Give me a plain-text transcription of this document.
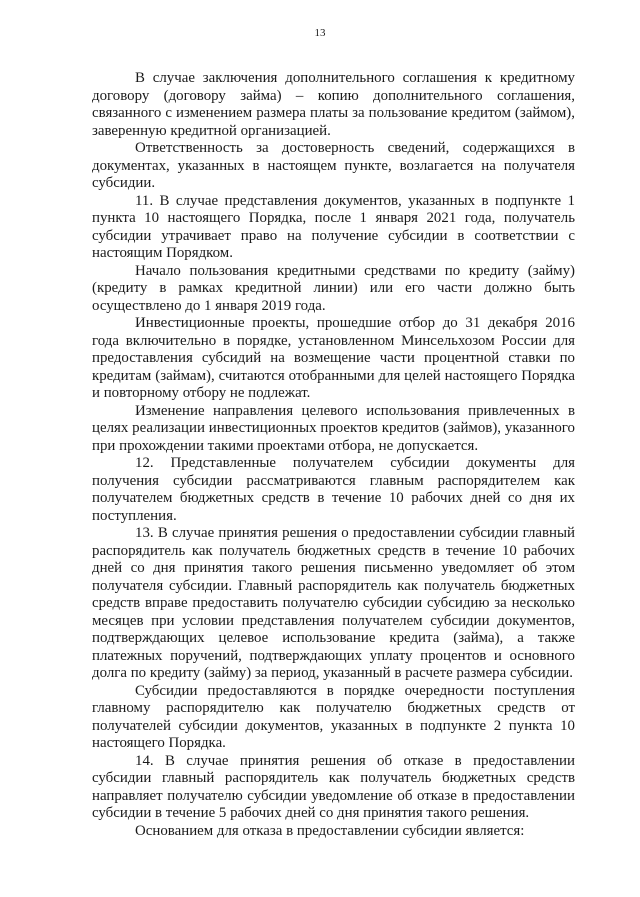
13

В случае заключения дополнительного соглашения к кредитному договору (договору займа) – копию дополнительного соглашения, связанного с изменением размера платы за пользование кредитом (займом), заверенную кредитной организацией.

Ответственность за достоверность сведений, содержащихся в документах, указанных в настоящем пункте, возлагается на получателя субсидии.

11. В случае представления документов, указанных в подпункте 1 пункта 10 настоящего Порядка, после 1 января 2021 года, получатель субсидии утрачивает право на получение субсидии в соответствии с настоящим Порядком.

Начало пользования кредитными средствами по кредиту (займу) (кредиту в рамках кредитной линии) или его части должно быть осуществлено до 1 января 2019 года.

Инвестиционные проекты, прошедшие отбор до 31 декабря 2016 года включительно в порядке, установленном Минсельхозом России для предоставления субсидий на возмещение части процентной ставки по кредитам (займам), считаются отобранными для целей настоящего Порядка и повторному отбору не подлежат.

Изменение направления целевого использования привлеченных в целях реализации инвестиционных проектов кредитов (займов), указанного при прохождении такими проектами отбора, не допускается.

12. Представленные получателем субсидии документы для получения субсидии рассматриваются главным распорядителем как получателем бюджетных средств в течение 10 рабочих дней со дня их поступления.

13. В случае принятия решения о предоставлении субсидии главный распорядитель как получатель бюджетных средств в течение 10 рабочих дней со дня принятия такого решения письменно уведомляет об этом получателя субсидии. Главный распорядитель как получатель бюджетных средств вправе предоставить получателю субсидии субсидию за несколько месяцев при условии представления получателем субсидии документов, подтверждающих целевое использование кредита (займа), а также платежных поручений, подтверждающих уплату процентов и основного долга по кредиту (займу) за период, указанный в расчете размера субсидии.

Субсидии предоставляются в порядке очередности поступления главному распорядителю как получателю бюджетных средств от получателей субсидии документов, указанных в подпункте 2 пункта 10 настоящего Порядка.

14. В случае принятия решения об отказе в предоставлении субсидии главный распорядитель как получатель бюджетных средств направляет получателю субсидии уведомление об отказе в предоставлении субсидии в течение 5 рабочих дней со дня принятия такого решения.

Основанием для отказа в предоставлении субсидии является:
